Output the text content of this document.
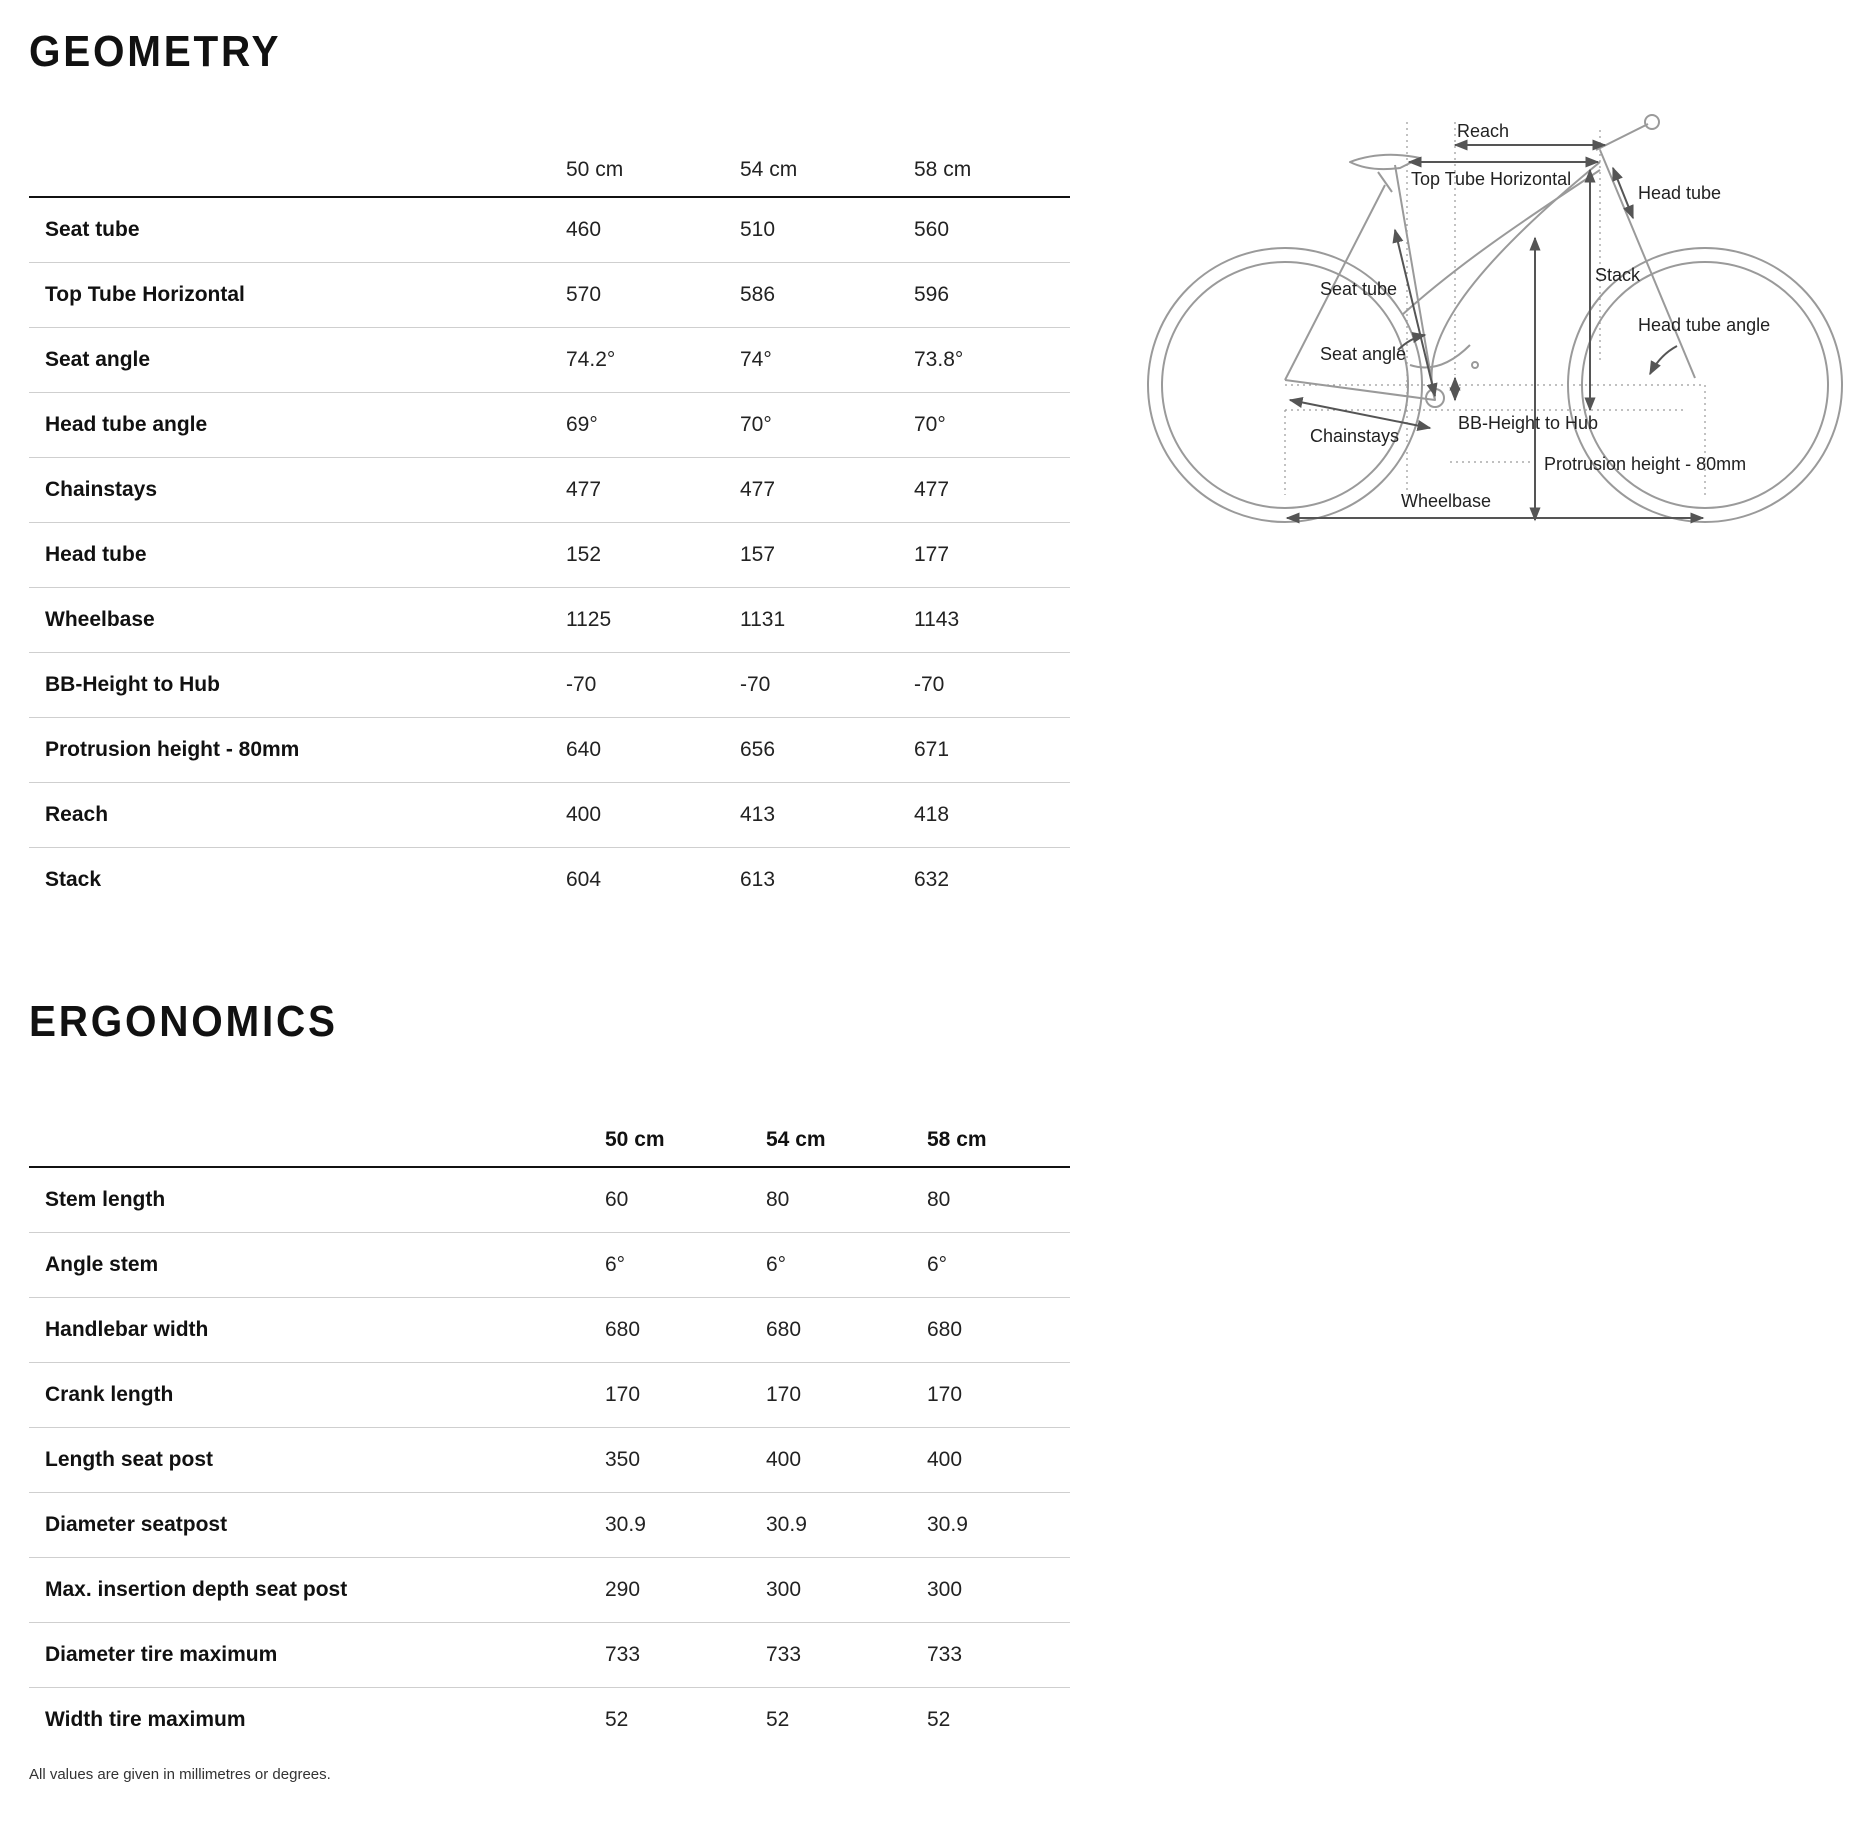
GEOMETRY
	50 cm	54 cm	58 cm
Seat tube	460	510	560
Top Tube Horizontal	570	586	596
Seat angle	74.2°	74°	73.8°
Head tube angle	69°	70°	70°
Chainstays	477	477	477
Head tube	152	157	177
Wheelbase	1125	1131	1143
BB-Height to Hub	-70	-70	-70
Protrusion height - 80mm	640	656	671
Reach	400	413	418
Stack	604	613	632
ERGONOMICS
	50 cm	54 cm	58 cm
Stem length	60	80	80
Angle stem	6°	6°	6°
Handlebar width	680	680	680
Crank length	170	170	170
Length seat post	350	400	400
Diameter seatpost	30.9	30.9	30.9
Max. insertion depth seat post	290	300	300
Diameter tire maximum	733	733	733
Width tire maximum	52	52	52
All values are given in millimetres or degrees.
Reach
Top Tube Horizontal
Head tube
Seat tube
Stack
Head tube angle
Seat angle
Chainstays
BB-Height to Hub
Protrusion height - 80mm
Wheelbase
